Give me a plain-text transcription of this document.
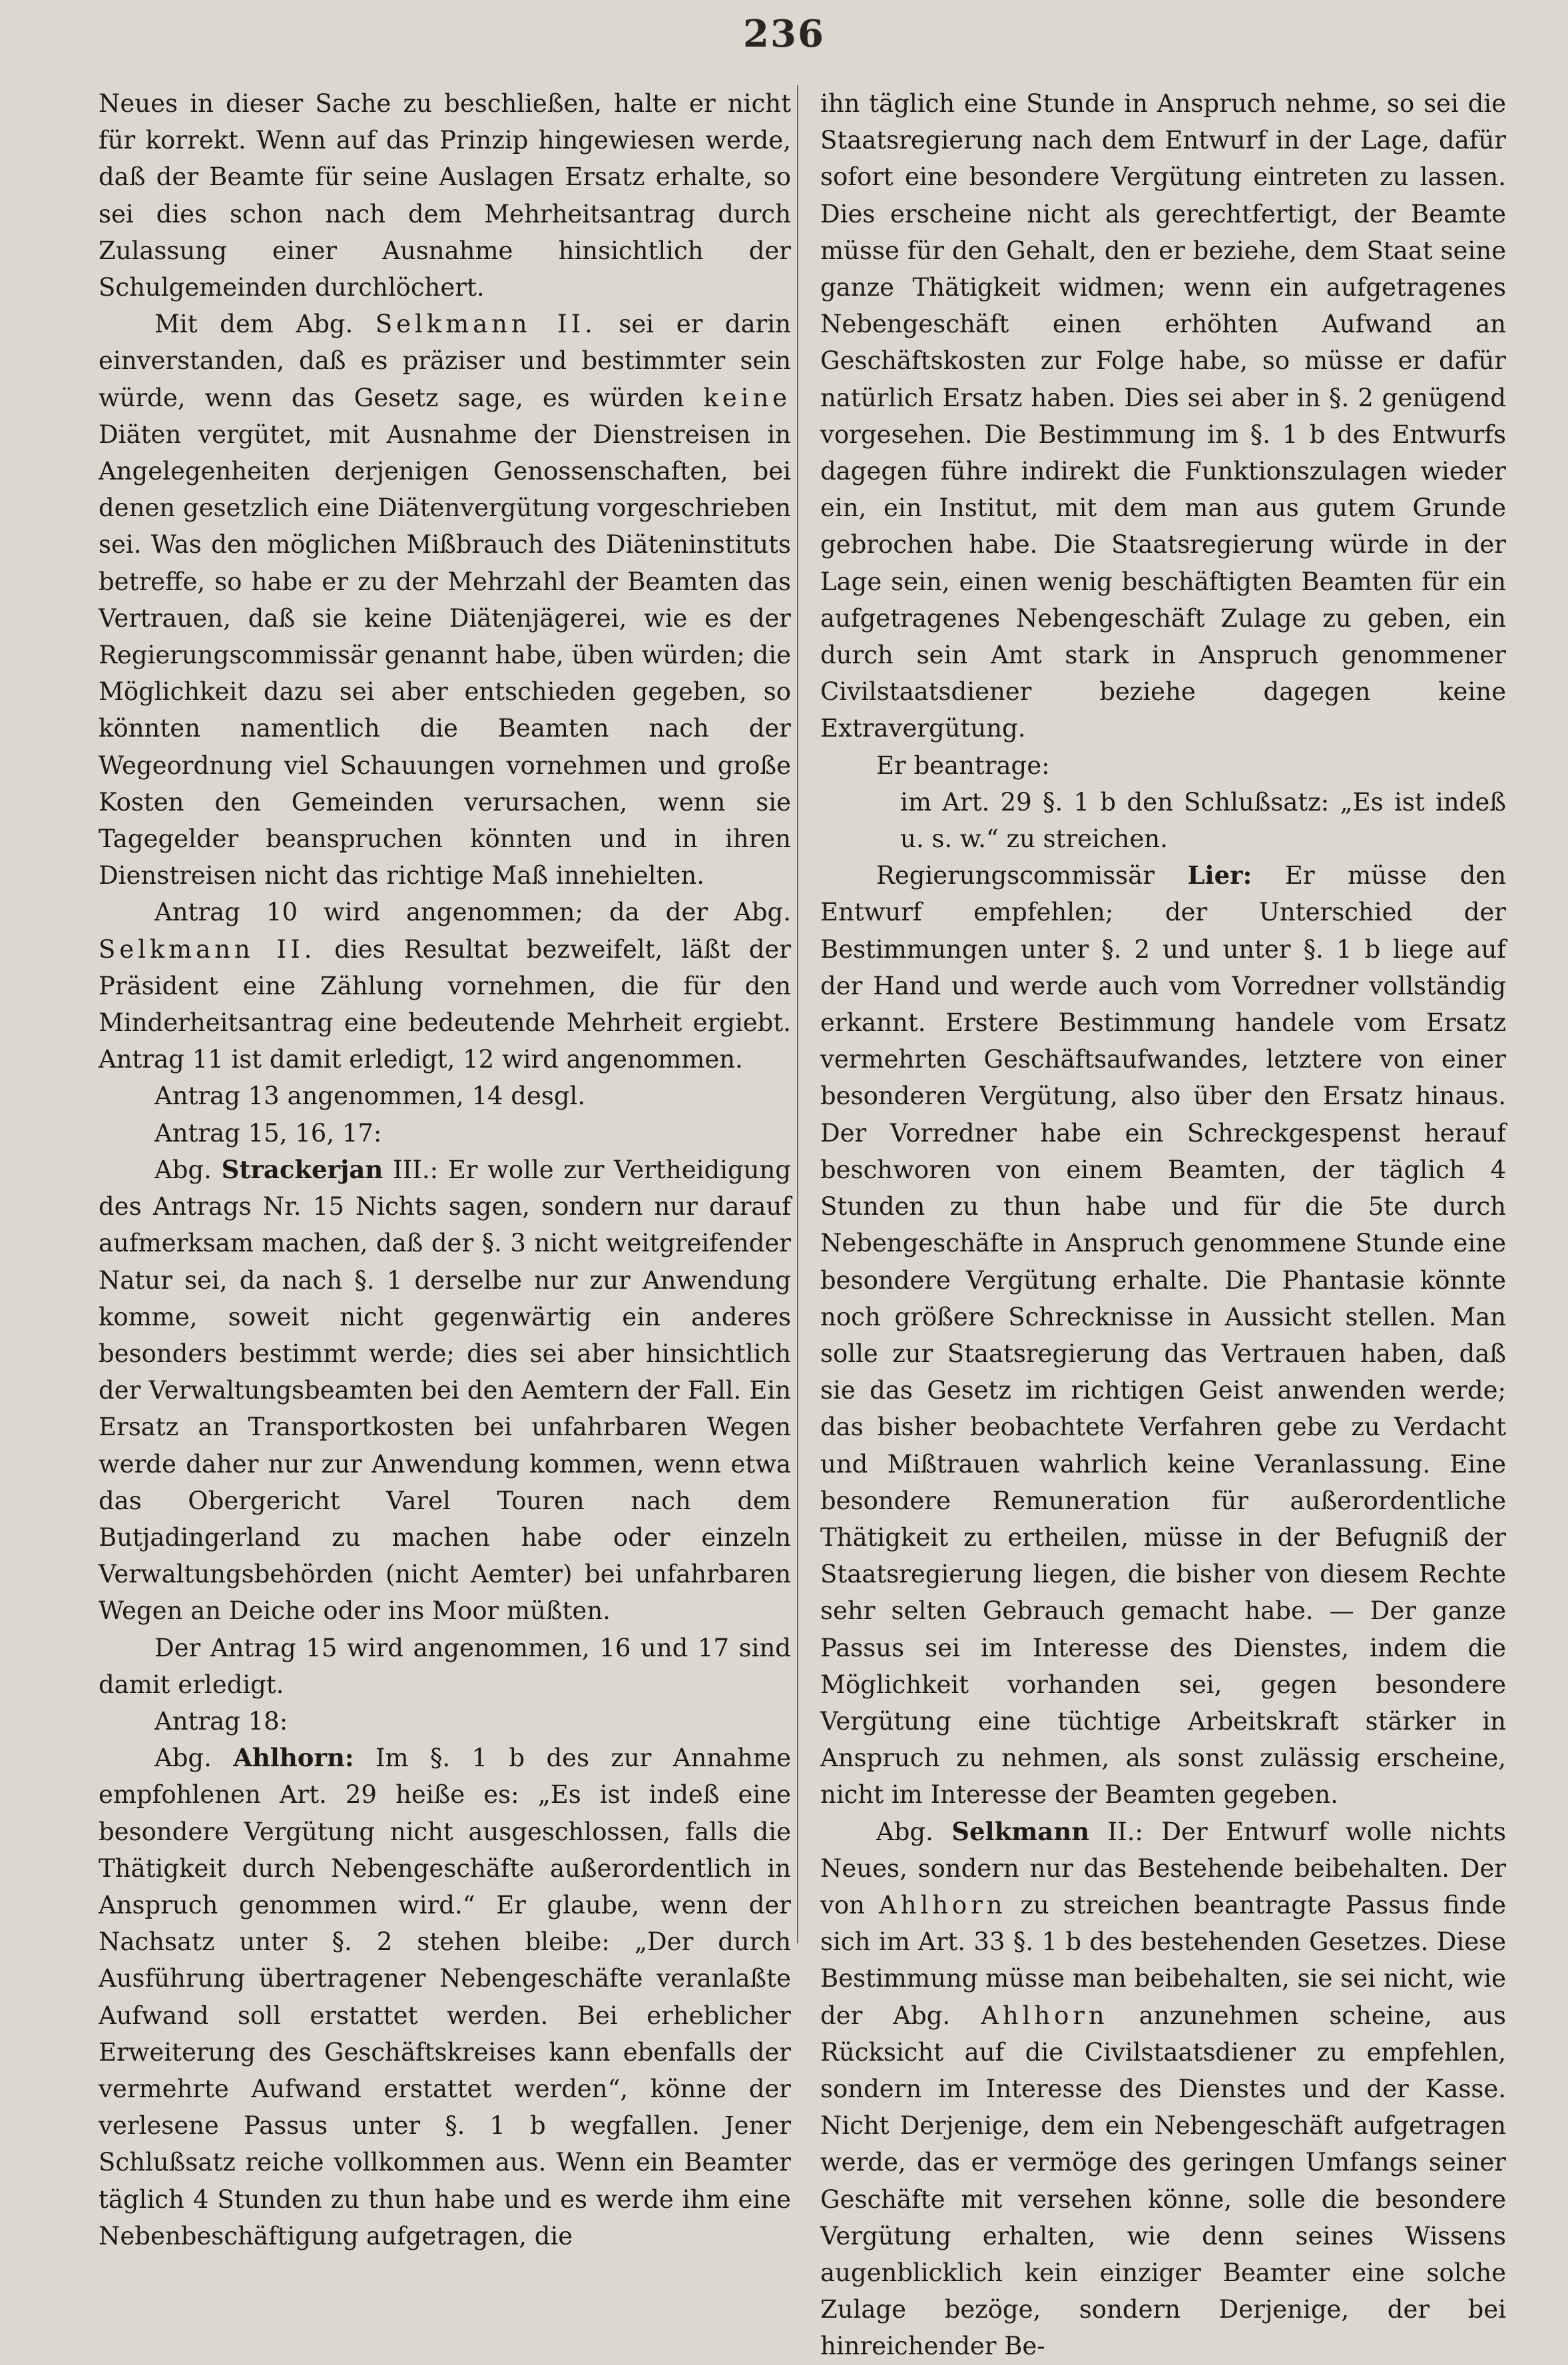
236

Neues in dieser Sache zu beschließen, halte er nicht für korrekt. Wenn auf das Prinzip hingewiesen werde, daß der Beamte für seine Auslagen Ersatz erhalte, so sei dies schon nach dem Mehrheitsantrag durch Zulassung einer Ausnahme hinsichtlich der Schulgemeinden durchlöchert.

Mit dem Abg. Selkmann II. sei er darin einverstanden, daß es präziser und bestimmter sein würde, wenn das Gesetz sage, es würden keine Diäten vergütet, mit Ausnahme der Dienstreisen in Angelegenheiten derjenigen Genossenschaften, bei denen gesetzlich eine Diätenvergütung vorgeschrieben sei. Was den möglichen Mißbrauch des Diäteninstituts betreffe, so habe er zu der Mehrzahl der Beamten das Vertrauen, daß sie keine Diätenjägerei, wie es der Regierungscommissär genannt habe, üben würden; die Möglichkeit dazu sei aber entschieden gegeben, so könnten namentlich die Beamten nach der Wegeordnung viel Schauungen vornehmen und große Kosten den Gemeinden verursachen, wenn sie Tagegelder beanspruchen könnten und in ihren Dienstreisen nicht das richtige Maß innehielten.

Antrag 10 wird angenommen; da der Abg. Selkmann II. dies Resultat bezweifelt, läßt der Präsident eine Zählung vornehmen, die für den Minderheitsantrag eine bedeutende Mehrheit ergiebt. Antrag 11 ist damit erledigt, 12 wird angenommen.

Antrag 13 angenommen, 14 desgl.

Antrag 15, 16, 17:

Abg. Strackerjan III.: Er wolle zur Vertheidigung des Antrags Nr. 15 Nichts sagen, sondern nur darauf aufmerksam machen, daß der §. 3 nicht weitgreifender Natur sei, da nach §. 1 derselbe nur zur Anwendung komme, soweit nicht gegenwärtig ein anderes besonders bestimmt werde; dies sei aber hinsichtlich der Verwaltungsbeamten bei den Aemtern der Fall. Ein Ersatz an Transportkosten bei unfahrbaren Wegen werde daher nur zur Anwendung kommen, wenn etwa das Obergericht Varel Touren nach dem Butjadingerland zu machen habe oder einzeln Verwaltungsbehörden (nicht Aemter) bei unfahrbaren Wegen an Deiche oder ins Moor müßten.

Der Antrag 15 wird angenommen, 16 und 17 sind damit erledigt.

Antrag 18:

Abg. Ahlhorn: Im §. 1 b des zur Annahme empfohlenen Art. 29 heiße es: „Es ist indeß eine besondere Vergütung nicht ausgeschlossen, falls die Thätigkeit durch Nebengeschäfte außerordentlich in Anspruch genommen wird.“ Er glaube, wenn der Nachsatz unter §. 2 stehen bleibe: „Der durch Ausführung übertragener Nebengeschäfte veranlaßte Aufwand soll erstattet werden. Bei erheblicher Erweiterung des Geschäftskreises kann ebenfalls der vermehrte Aufwand erstattet werden“, könne der verlesene Passus unter §. 1 b wegfallen. Jener Schlußsatz reiche vollkommen aus. Wenn ein Beamter täglich 4 Stunden zu thun habe und es werde ihm eine Nebenbeschäftigung aufgetragen, die

ihn täglich eine Stunde in Anspruch nehme, so sei die Staatsregierung nach dem Entwurf in der Lage, dafür sofort eine besondere Vergütung eintreten zu lassen. Dies erscheine nicht als gerechtfertigt, der Beamte müsse für den Gehalt, den er beziehe, dem Staat seine ganze Thätigkeit widmen; wenn ein aufgetragenes Nebengeschäft einen erhöhten Aufwand an Geschäftskosten zur Folge habe, so müsse er dafür natürlich Ersatz haben. Dies sei aber in §. 2 genügend vorgesehen. Die Bestimmung im §. 1 b des Entwurfs dagegen führe indirekt die Funktionszulagen wieder ein, ein Institut, mit dem man aus gutem Grunde gebrochen habe. Die Staatsregierung würde in der Lage sein, einen wenig beschäftigten Beamten für ein aufgetragenes Nebengeschäft Zulage zu geben, ein durch sein Amt stark in Anspruch genommener Civilstaatsdiener beziehe dagegen keine Extravergütung.

Er beantrage:

im Art. 29 §. 1 b den Schlußsatz: „Es ist indeß u. s. w.“ zu streichen.

Regierungscommissär Lier: Er müsse den Entwurf empfehlen; der Unterschied der Bestimmungen unter §. 2 und unter §. 1 b liege auf der Hand und werde auch vom Vorredner vollständig erkannt. Erstere Bestimmung handele vom Ersatz vermehrten Geschäftsaufwandes, letztere von einer besonderen Vergütung, also über den Ersatz hinaus. Der Vorredner habe ein Schreckgespenst herauf beschworen von einem Beamten, der täglich 4 Stunden zu thun habe und für die 5te durch Nebengeschäfte in Anspruch genommene Stunde eine besondere Vergütung erhalte. Die Phantasie könnte noch größere Schrecknisse in Aussicht stellen. Man solle zur Staatsregierung das Vertrauen haben, daß sie das Gesetz im richtigen Geist anwenden werde; das bisher beobachtete Verfahren gebe zu Verdacht und Mißtrauen wahrlich keine Veranlassung. Eine besondere Remuneration für außerordentliche Thätigkeit zu ertheilen, müsse in der Befugniß der Staatsregierung liegen, die bisher von diesem Rechte sehr selten Gebrauch gemacht habe. — Der ganze Passus sei im Interesse des Dienstes, indem die Möglichkeit vorhanden sei, gegen besondere Vergütung eine tüchtige Arbeitskraft stärker in Anspruch zu nehmen, als sonst zulässig erscheine, nicht im Interesse der Beamten gegeben.

Abg. Selkmann II.: Der Entwurf wolle nichts Neues, sondern nur das Bestehende beibehalten. Der von Ahlhorn zu streichen beantragte Passus finde sich im Art. 33 §. 1 b des bestehenden Gesetzes. Diese Bestimmung müsse man beibehalten, sie sei nicht, wie der Abg. Ahlhorn anzunehmen scheine, aus Rücksicht auf die Civilstaatsdiener zu empfehlen, sondern im Interesse des Dienstes und der Kasse. Nicht Derjenige, dem ein Nebengeschäft aufgetragen werde, das er vermöge des geringen Umfangs seiner Geschäfte mit versehen könne, solle die besondere Vergütung erhalten, wie denn seines Wissens augenblicklich kein einziger Beamter eine solche Zulage bezöge, sondern Derjenige, der bei hinreichender Be-
